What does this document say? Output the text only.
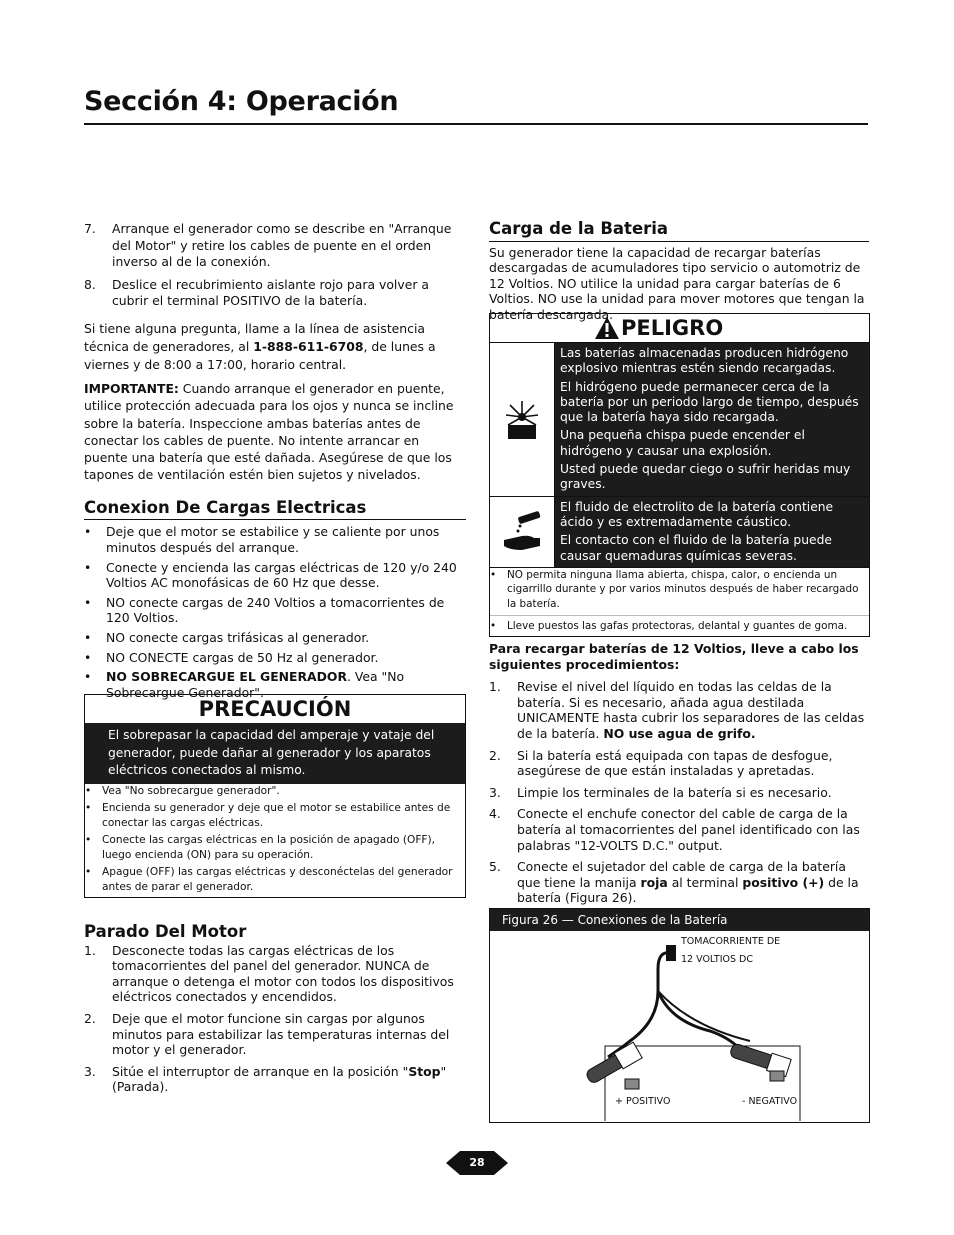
Sección 4: Operación
7. Arranque el generador como se describe en "Arranque del Motor" y retire los cables de puente en el orden inverso al de la conexión.
8. Deslice el recubrimiento aislante rojo para volver a cubrir el terminal POSITIVO de la batería.

Si tiene alguna pregunta, llame a la línea de asistencia técnica de generadores, al 1-888-611-6708, de lunes a viernes y de 8:00 a 17:00, horario central.

IMPORTANTE: Cuando arranque el generador en puente, utilice protección adecuada para los ojos y nunca se incline sobre la batería. Inspeccione ambas baterías antes de conectar los cables de puente. No intente arrancar en puente una batería que esté dañada. Asegúrese de que los tapones de ventilación estén bien sujetos y nivelados.

Conexion De Cargas Electricas
• Deje que el motor se estabilice y se caliente por unos minutos después del arranque.
• Conecte y encienda las cargas eléctricas de 120 y/o 240 Voltios AC monofásicas de 60 Hz que desse.
• NO conecte cargas de 240 Voltios a tomacorrientes de 120 Voltios.
• NO conecte cargas trifásicas al generador.
• NO CONECTE cargas de 50 Hz al generador.
• NO SOBRECARGUE EL GENERADOR. Vea "No Sobrecargue Generador".
PRECAUCIÓN
El sobrepasar la capacidad del amperaje y vataje del generador, puede dañar al generador y los aparatos eléctricos conectados al mismo.
• Vea "No sobrecargue generador".
• Encienda su generador y deje que el motor se estabilice antes de conectar las cargas eléctricas.
• Conecte las cargas eléctricas en la posición de apagado (OFF), luego encienda (ON) para su operación.
• Apague (OFF) las cargas eléctricas y desconéctelas del generador antes de parar el generador.
Parado Del Motor
1. Desconecte todas las cargas eléctricas de los tomacorrientes del panel del generador. NUNCA de arranque o detenga el motor con todos los dispositivos eléctricos conectados y encendidos.
2. Deje que el motor funcione sin cargas por algunos minutos para estabilizar las temperaturas internas del motor y el generador.
3. Sitúe el interruptor de arranque en la posición "Stop" (Parada).
Carga de la Bateria

Su generador tiene la capacidad de recargar baterías descargadas de acumuladores tipo servicio o automotriz de 12 Voltios. NO utilice la unidad para cargar baterías de 6 Voltios. NO use la unidad para mover motores que tengan la batería descargada.

PELIGRO
Las baterías almacenadas producen hidrógeno explosivo mientras estén siendo recargadas.
El hidrógeno puede permanecer cerca de la batería por un periodo largo de tiempo, después que la batería haya sido recargada.
Una pequeña chispa puede encender el hidrógeno y causar una explosión.
Usted puede quedar ciego o sufrir heridas muy graves.
El fluido de electrolito de la batería contiene ácido y es extremadamente cáustico.
El contacto con el fluido de la batería puede causar quemaduras químicas severas.
• NO permita ninguna llama abierta, chispa, calor, o encienda un cigarrillo durante y por varios minutos después de haber recargado la batería.
• Lleve puestos las gafas protectoras, delantal y guantes de goma.

Para recargar baterías de 12 Voltios, lleve a cabo los siguientes procedimientos:

1. Revise el nivel del líquido en todas las celdas de la batería. Si es necesario, añada agua destilada UNICAMENTE hasta cubrir los separadores de las celdas de la batería. NO use agua de grifo.
2. Si la batería está equipada con tapas de desfogue, asegúrese de que están instaladas y apretadas.
3. Limpie los terminales de la batería si es necesario.
4. Conecte el enchufe conector del cable de carga de la batería al tomacorrientes del panel identificado con las palabras "12-VOLTS D.C." output.
5. Conecte el sujetador del cable de carga de la batería que tiene la manija roja al terminal positivo (+) de la batería (Figura 26).
Figura 26 — Conexiones de la Batería
TOMACORRIENTE DE
12 VOLTIOS DC
+ POSITIVO	- NEGATIVO
28
